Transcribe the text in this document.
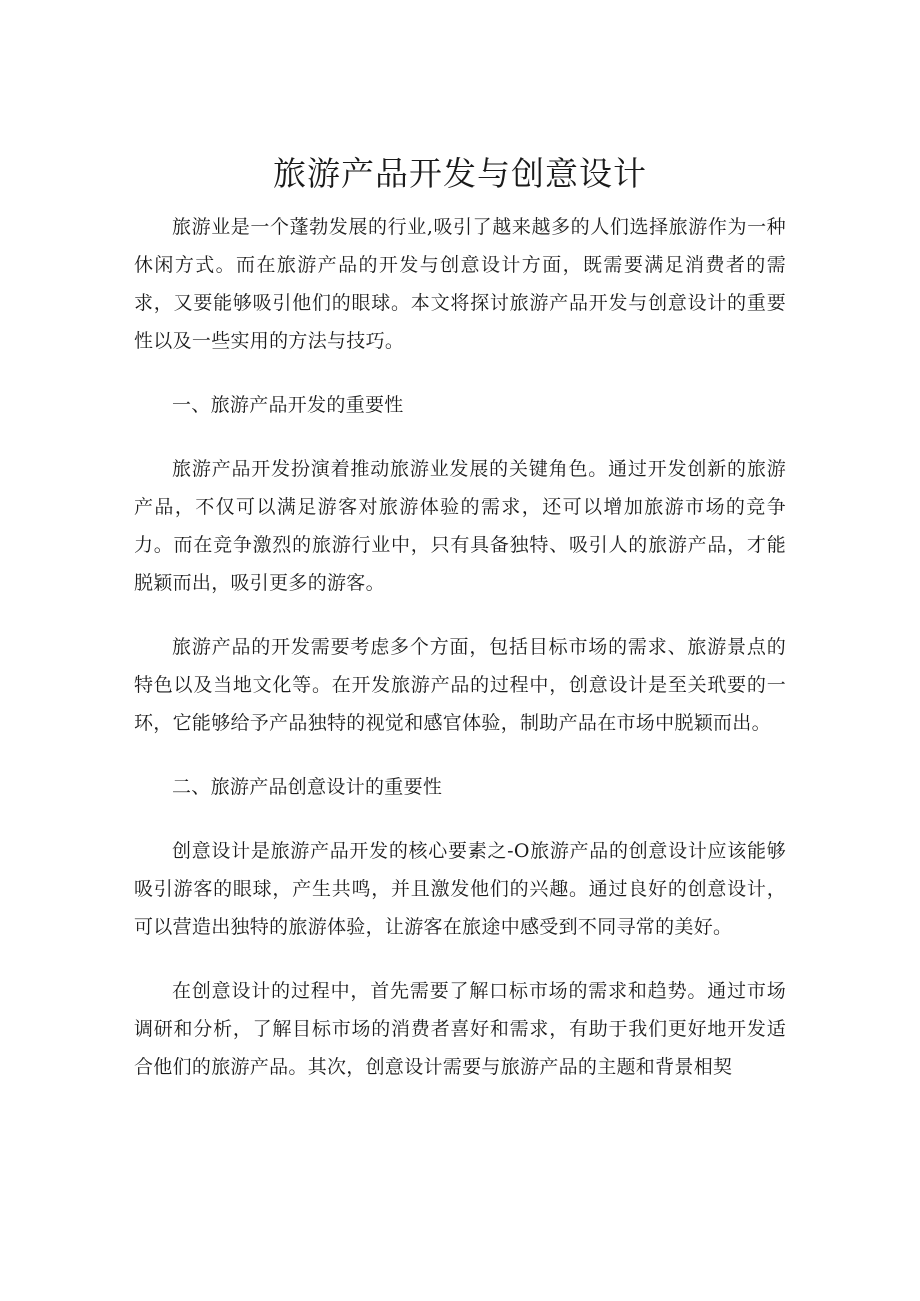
旅游产品开发与创意设计

旅游业是一个蓬勃发展的行业,吸引了越来越多的人们选择旅游作为一种休闲方式。而在旅游产品的开发与创意设计方面，既需要满足消费者的需求，又要能够吸引他们的眼球。本文将探讨旅游产品开发与创意设计的重要性以及一些实用的方法与技巧。

一、旅游产品开发的重要性

旅游产品开发扮演着推动旅游业发展的关键角色。通过开发创新的旅游产品，不仅可以满足游客对旅游体验的需求，还可以增加旅游市场的竞争力。而在竞争激烈的旅游行业中，只有具备独特、吸引人的旅游产品，才能脱颖而出，吸引更多的游客。

旅游产品的开发需要考虑多个方面，包括目标市场的需求、旅游景点的特色以及当地文化等。在开发旅游产品的过程中，创意设计是至关玳要的一环，它能够给予产品独特的视觉和感官体验，制助产品在市场中脱颖而出。

二、旅游产品创意设计的重要性

创意设计是旅游产品开发的核心要素之-O旅游产品的创意设计应该能够吸引游客的眼球，产生共鸣，并且激发他们的兴趣。通过良好的创意设计，可以营造出独特的旅游体验，让游客在旅途中感受到不同寻常的美好。

在创意设计的过程中，首先需要了解口标市场的需求和趋势。通过市场调研和分析，了解目标市场的消费者喜好和需求，有助于我们更好地开发适合他们的旅游产品。其次，创意设计需要与旅游产品的主题和背景相契
